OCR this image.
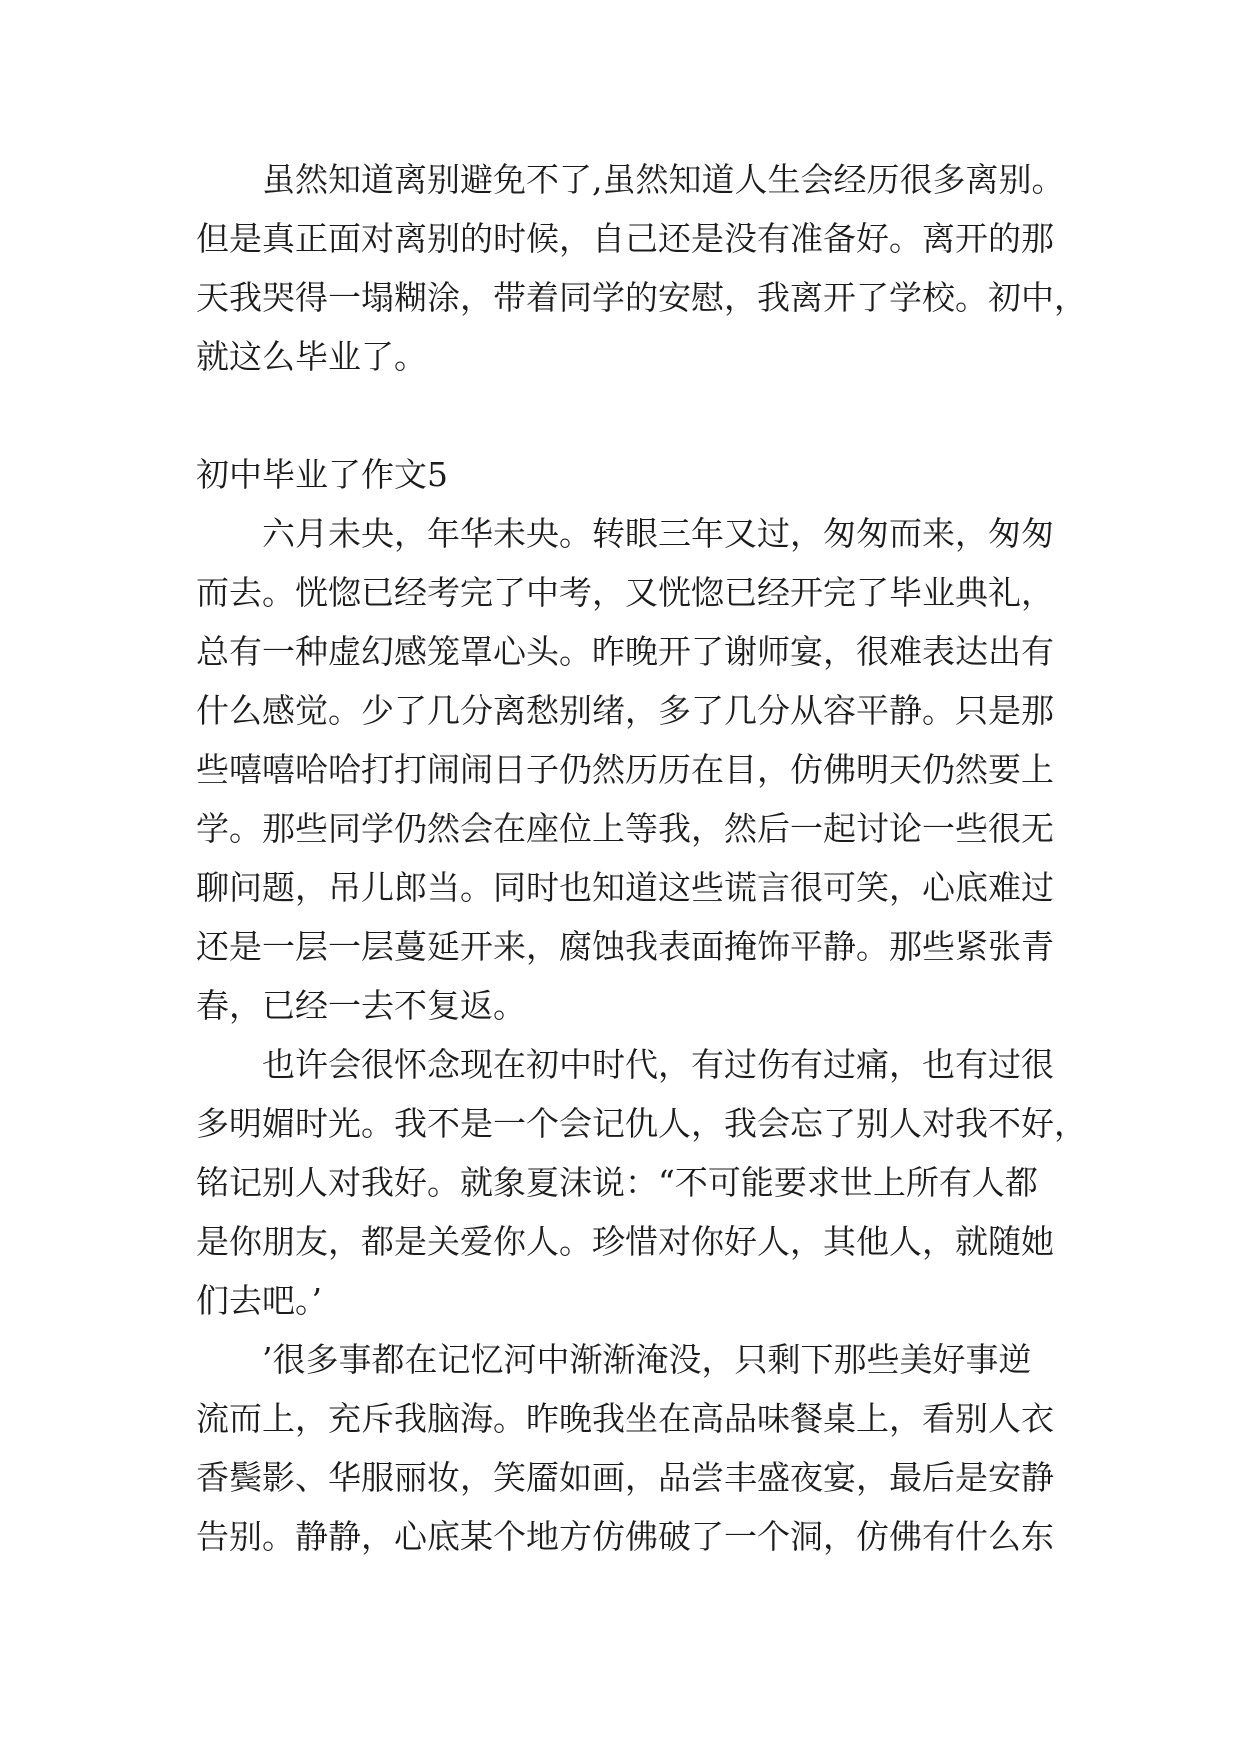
虽然知道离别避免不了,虽然知道人生会经历很多离别。
但是真正面对离别的时候，自己还是没有准备好。离开的那
天我哭得一塌糊涂，带着同学的安慰，我离开了学校。初中，
就这么毕业了。
初中毕业了作文5
六月未央，年华未央。转眼三年又过，匆匆而来，匆匆
而去。恍惚已经考完了中考，又恍惚已经开完了毕业典礼，
总有一种虚幻感笼罩心头。昨晚开了谢师宴，很难表达出有
什么感觉。少了几分离愁别绪，多了几分从容平静。只是那
些嘻嘻哈哈打打闹闹日子仍然历历在目，仿佛明天仍然要上
学。那些同学仍然会在座位上等我，然后一起讨论一些很无
聊问题，吊儿郎当。同时也知道这些谎言很可笑，心底难过
还是一层一层蔓延开来，腐蚀我表面掩饰平静。那些紧张青
春，已经一去不复返。
也许会很怀念现在初中时代，有过伤有过痛，也有过很
多明媚时光。我不是一个会记仇人，我会忘了别人对我不好，
铭记别人对我好。就象夏沫说：“不可能要求世上所有人都
是你朋友，都是关爱你人。珍惜对你好人，其他人，就随她
们去吧。’
’很多事都在记忆河中渐渐淹没，只剩下那些美好事逆
流而上，充斥我脑海。昨晚我坐在高品味餐桌上，看别人衣
香鬓影、华服丽妆，笑靥如画，品尝丰盛夜宴，最后是安静
告别。静静，心底某个地方仿佛破了一个洞，仿佛有什么东
